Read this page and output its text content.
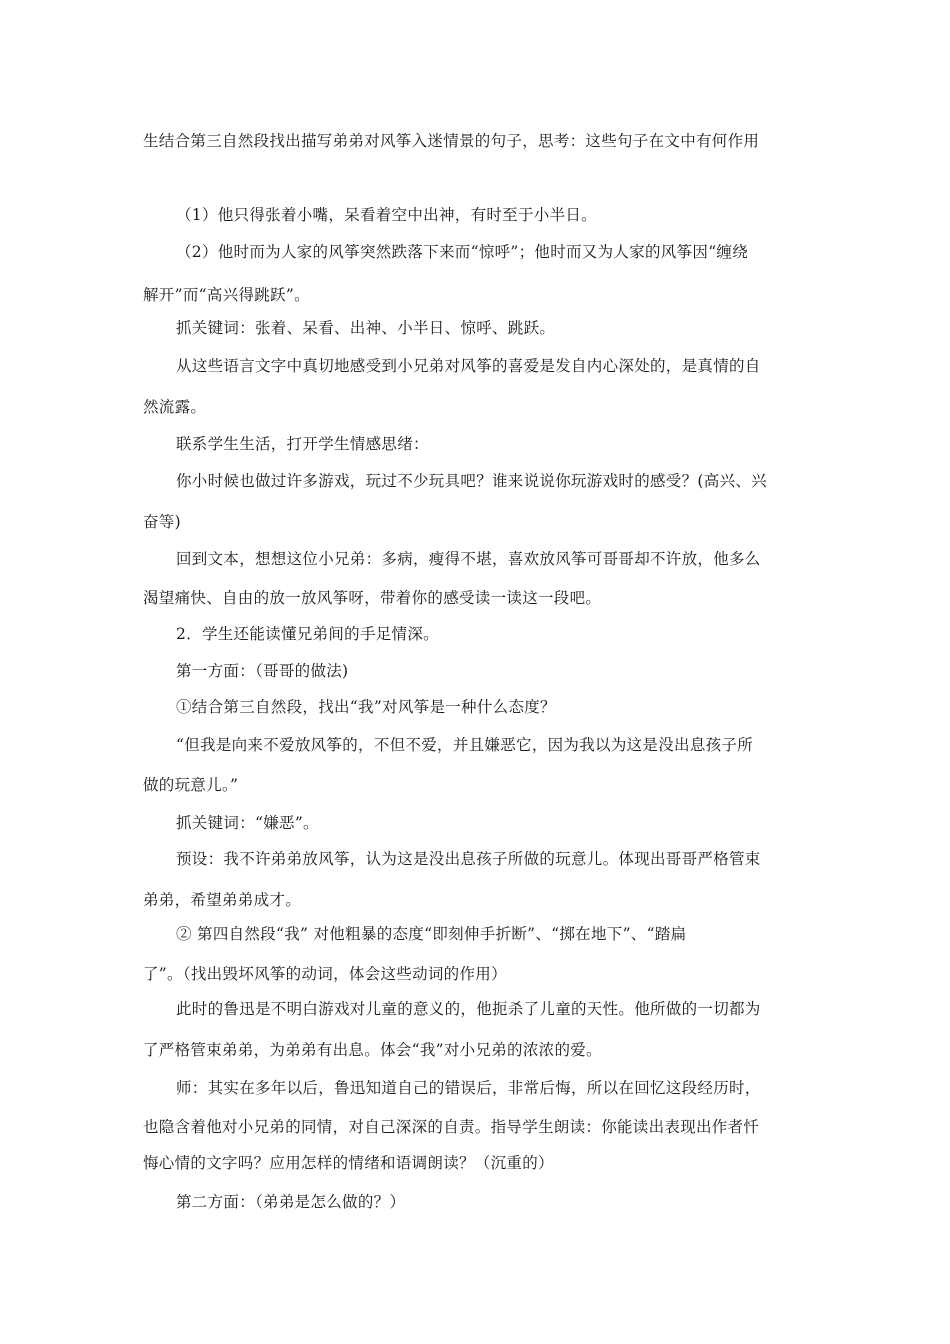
生结合第三自然段找出描写弟弟对风筝入迷情景的句子，思考：这些句子在文中有何作用
（1）他只得张着小嘴，呆看着空中出神，有时至于小半日。
（2）他时而为人家的风筝突然跌落下来而“惊呼”；他时而又为人家的风筝因“缠绕
解开”而“高兴得跳跃”。
抓关键词：张着、呆看、出神、小半日、惊呼、跳跃。
从这些语言文字中真切地感受到小兄弟对风筝的喜爱是发自内心深处的，是真情的自
然流露。
联系学生生活，打开学生情感思绪：
你小时候也做过许多游戏，玩过不少玩具吧？谁来说说你玩游戏时的感受？(高兴、兴
奋等)
回到文本，想想这位小兄弟：多病，瘦得不堪，喜欢放风筝可哥哥却不许放，他多么
渴望痛快、自由的放一放风筝呀，带着你的感受读一读这一段吧。
2．学生还能读懂兄弟间的手足情深。
第一方面：（哥哥的做法)
①结合第三自然段，找出“我”对风筝是一种什么态度？
“但我是向来不爱放风筝的，不但不爱，并且嫌恶它，因为我以为这是没出息孩子所
做的玩意儿。”
抓关键词：“嫌恶”。
预设：我不许弟弟放风筝，认为这是没出息孩子所做的玩意儿。体现出哥哥严格管束
弟弟，希望弟弟成才。
② 第四自然段“我” 对他粗暴的态度“即刻伸手折断”、“掷在地下”、“踏扁
了”。（找出毁坏风筝的动词，体会这些动词的作用）
此时的鲁迅是不明白游戏对儿童的意义的，他扼杀了儿童的天性。他所做的一切都为
了严格管束弟弟，为弟弟有出息。体会“我”对小兄弟的浓浓的爱。
师：其实在多年以后，鲁迅知道自己的错误后，非常后悔，所以在回忆这段经历时，
也隐含着他对小兄弟的同情，对自己深深的自责。指导学生朗读：你能读出表现出作者忏
悔心情的文字吗？应用怎样的情绪和语调朗读？（沉重的）
第二方面：（弟弟是怎么做的？）
